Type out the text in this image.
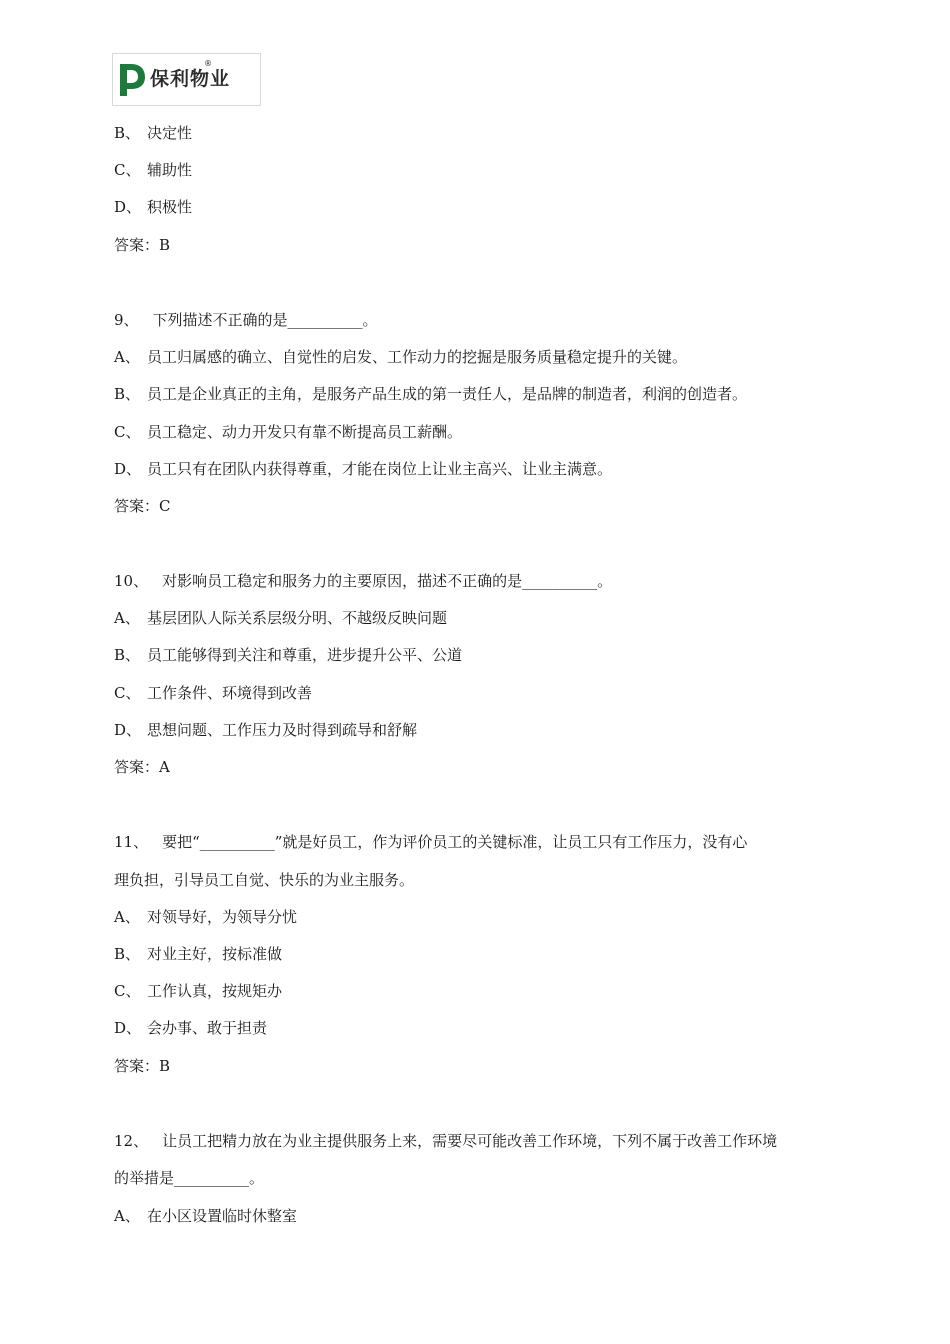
保利物业
®
B、 决定性
C、 辅助性
D、 积极性
答案：B
9、 下列描述不正确的是__________。
A、 员工归属感的确立、自觉性的启发、工作动力的挖掘是服务质量稳定提升的关键。
B、 员工是企业真正的主角，是服务产品生成的第一责任人，是品牌的制造者，利润的创造者。
C、 员工稳定、动力开发只有靠不断提高员工薪酬。
D、 员工只有在团队内获得尊重，才能在岗位上让业主高兴、让业主满意。
答案：C
10、 对影响员工稳定和服务力的主要原因，描述不正确的是__________。
A、 基层团队人际关系层级分明、不越级反映问题
B、 员工能够得到关注和尊重，进步提升公平、公道
C、 工作条件、环境得到改善
D、 思想问题、工作压力及时得到疏导和舒解
答案：A
11、 要把“__________”就是好员工，作为评价员工的关键标准，让员工只有工作压力，没有心
理负担，引导员工自觉、快乐的为业主服务。
A、 对领导好，为领导分忧
B、 对业主好，按标准做
C、 工作认真，按规矩办
D、 会办事、敢于担责
答案：B
12、 让员工把精力放在为业主提供服务上来，需要尽可能改善工作环境，下列不属于改善工作环境
的举措是__________。
A、 在小区设置临时休整室
